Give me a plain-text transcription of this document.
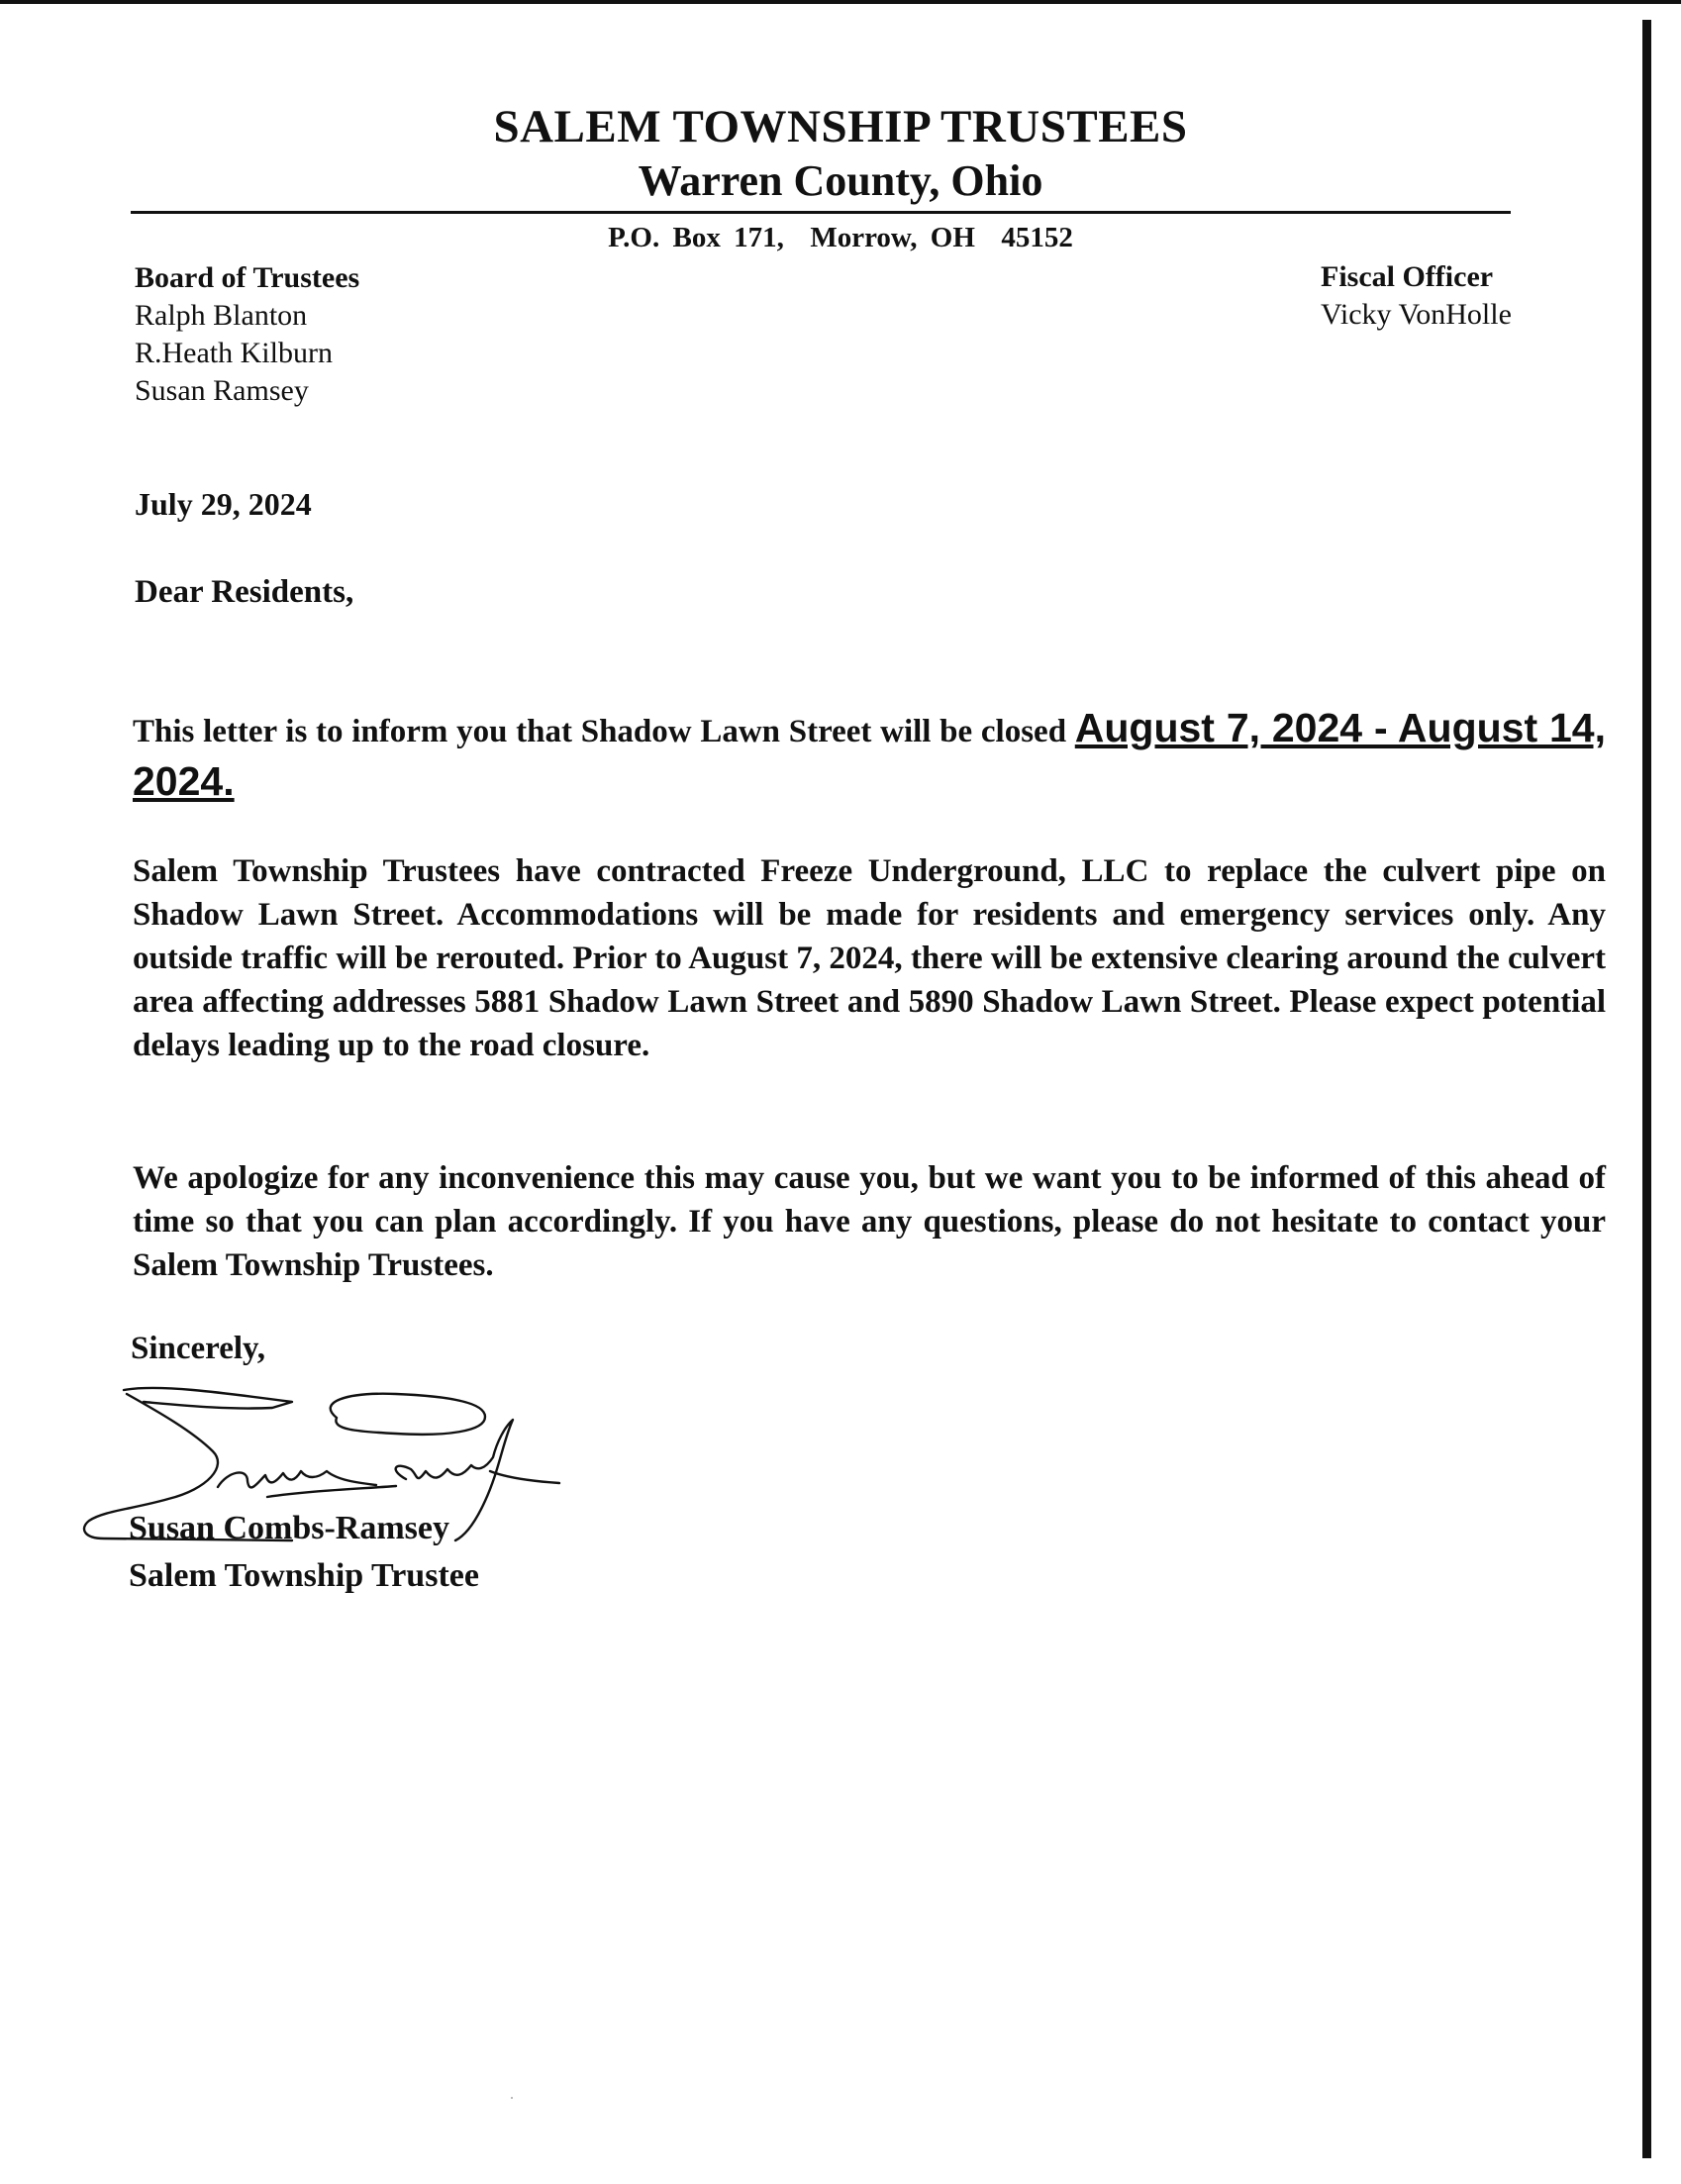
SALEM TOWNSHIP TRUSTEES
Warren County, Ohio
P.O. Box 171,  Morrow, OH  45152
Board of Trustees
Ralph Blanton
R.Heath Kilburn
Susan Ramsey
Fiscal Officer
Vicky VonHolle
July 29, 2024
Dear Residents,
This letter is to inform you that Shadow Lawn Street will be closed August 7, 2024 - August 14, 2024.
Salem Township Trustees have contracted Freeze Underground, LLC to replace the culvert pipe on Shadow Lawn Street. Accommodations will be made for residents and emergency services only. Any outside traffic will be rerouted. Prior to August 7, 2024, there will be extensive clearing around the culvert area affecting addresses 5881 Shadow Lawn Street and 5890 Shadow Lawn Street. Please expect potential delays leading up to the road closure.
We apologize for any inconvenience this may cause you, but we want you to be informed of this ahead of time so that you can plan accordingly. If you have any questions, please do not hesitate to contact your Salem Township Trustees.
Sincerely,
Susan Combs-Ramsey
Salem Township Trustee
